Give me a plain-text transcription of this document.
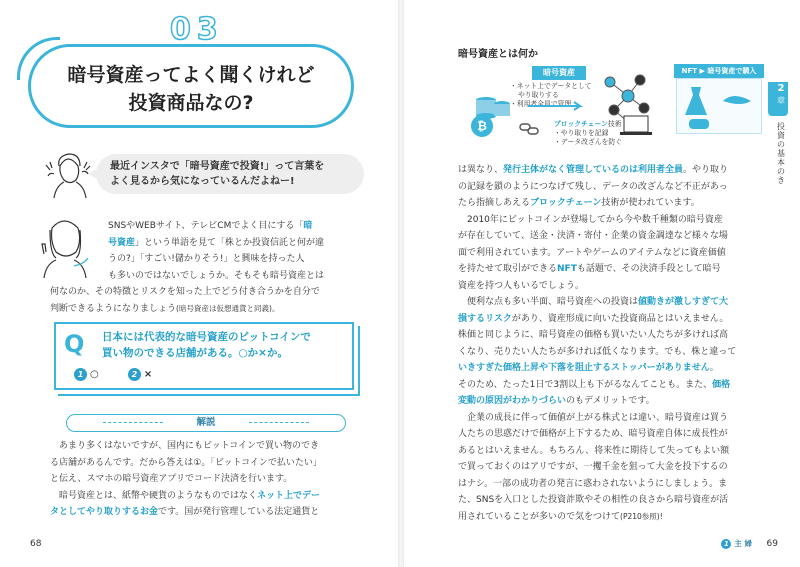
03
暗号資産ってよく聞くけれど
投資商品なの?
最近インスタで「暗号資産で投資!」って言葉を
よく見るから気になっているんだよねー!
SNSやWEBサイト、テレビCMでよく目にする「暗
号資産」という単語を見て「株とか投資信託と何が違
うの?」「すごい!儲かりそう!」と興味を持った人
も多いのではないでしょうか。そもそも暗号資産とは
何なのか、その特徴とリスクを知った上でどう付き合うかを自分で
判断できるようになりましょう(暗号資産は仮想通貨と同義)。
Q 日本には代表的な暗号資産のビットコインで
買い物のできる店舗がある。○か×か。
1 ○	2 ×
解説
あまり多くはないですが、国内にもビットコインで買い物のでき
る店舗があるんです。だから答えは①。「ビットコインで払いたい」
と伝え、スマホの暗号資産アプリでコード決済を行います。
暗号資産とは、紙幣や硬貨のようなものではなくネット上でデー
タとしてやり取りするお金です。国が発行管理している法定通貨と
68
暗号資産とは何か
暗号資産
・ネット上でデータとして
やり取りする
・利用者全員で管理
₿	ブロックチェーン技術
・やり取りを記録
・データ改ざんを防ぐ
NFT ▶ 暗号資産で購入
は異なり、発行主体がなく管理しているのは利用者全員。やり取り
の記録を鎖のようにつなげて残し、データの改ざんなど不正があっ
たら指摘しあえるブロックチェーン技術が使われています。
2010年にビットコインが登場してから今や数千種類の暗号資産
が存在していて、送金・決済・寄付・企業の資金調達など様々な場
面で利用されています。アートやゲームのアイテムなどに資産価値
を持たせて取引ができるNFTも話題で、その決済手段として暗号
資産を持つ人もいるでしょう。
便利な点も多い半面、暗号資産への投資は値動きが激しすぎて大
損するリスクがあり、資産形成に向いた投資商品とはいえません。
株価と同じように、暗号資産の価格も買いたい人たちが多ければ高
くなり、売りたい人たちが多ければ低くなります。でも、株と違って
いきすぎた価格上昇や下落を阻止するストッパーがありません。
そのため、たった1日で3割以上も下がるなんてことも。また、価格
変動の原因がわかりづらいのもデメリットです。
企業の成長に伴って価値が上がる株式とは違い、暗号資産は買う
人たちの思惑だけで価格が上下するため、暗号資産自体に成長性が
あるとはいえません。もちろん、将来性に期待して失ってもよい額
で買っておくのはアリですが、一攫千金を狙って大金を投下するの
はナシ。一部の成功者の発言に惑わされないようにしましょう。ま
た、SNSを入口とした投資詐欺やその相性の良さから暗号資産が活
用されていることが多いので気をつけて(P210参照)!
2
章
投資の基本のき
1 主 婦 69
